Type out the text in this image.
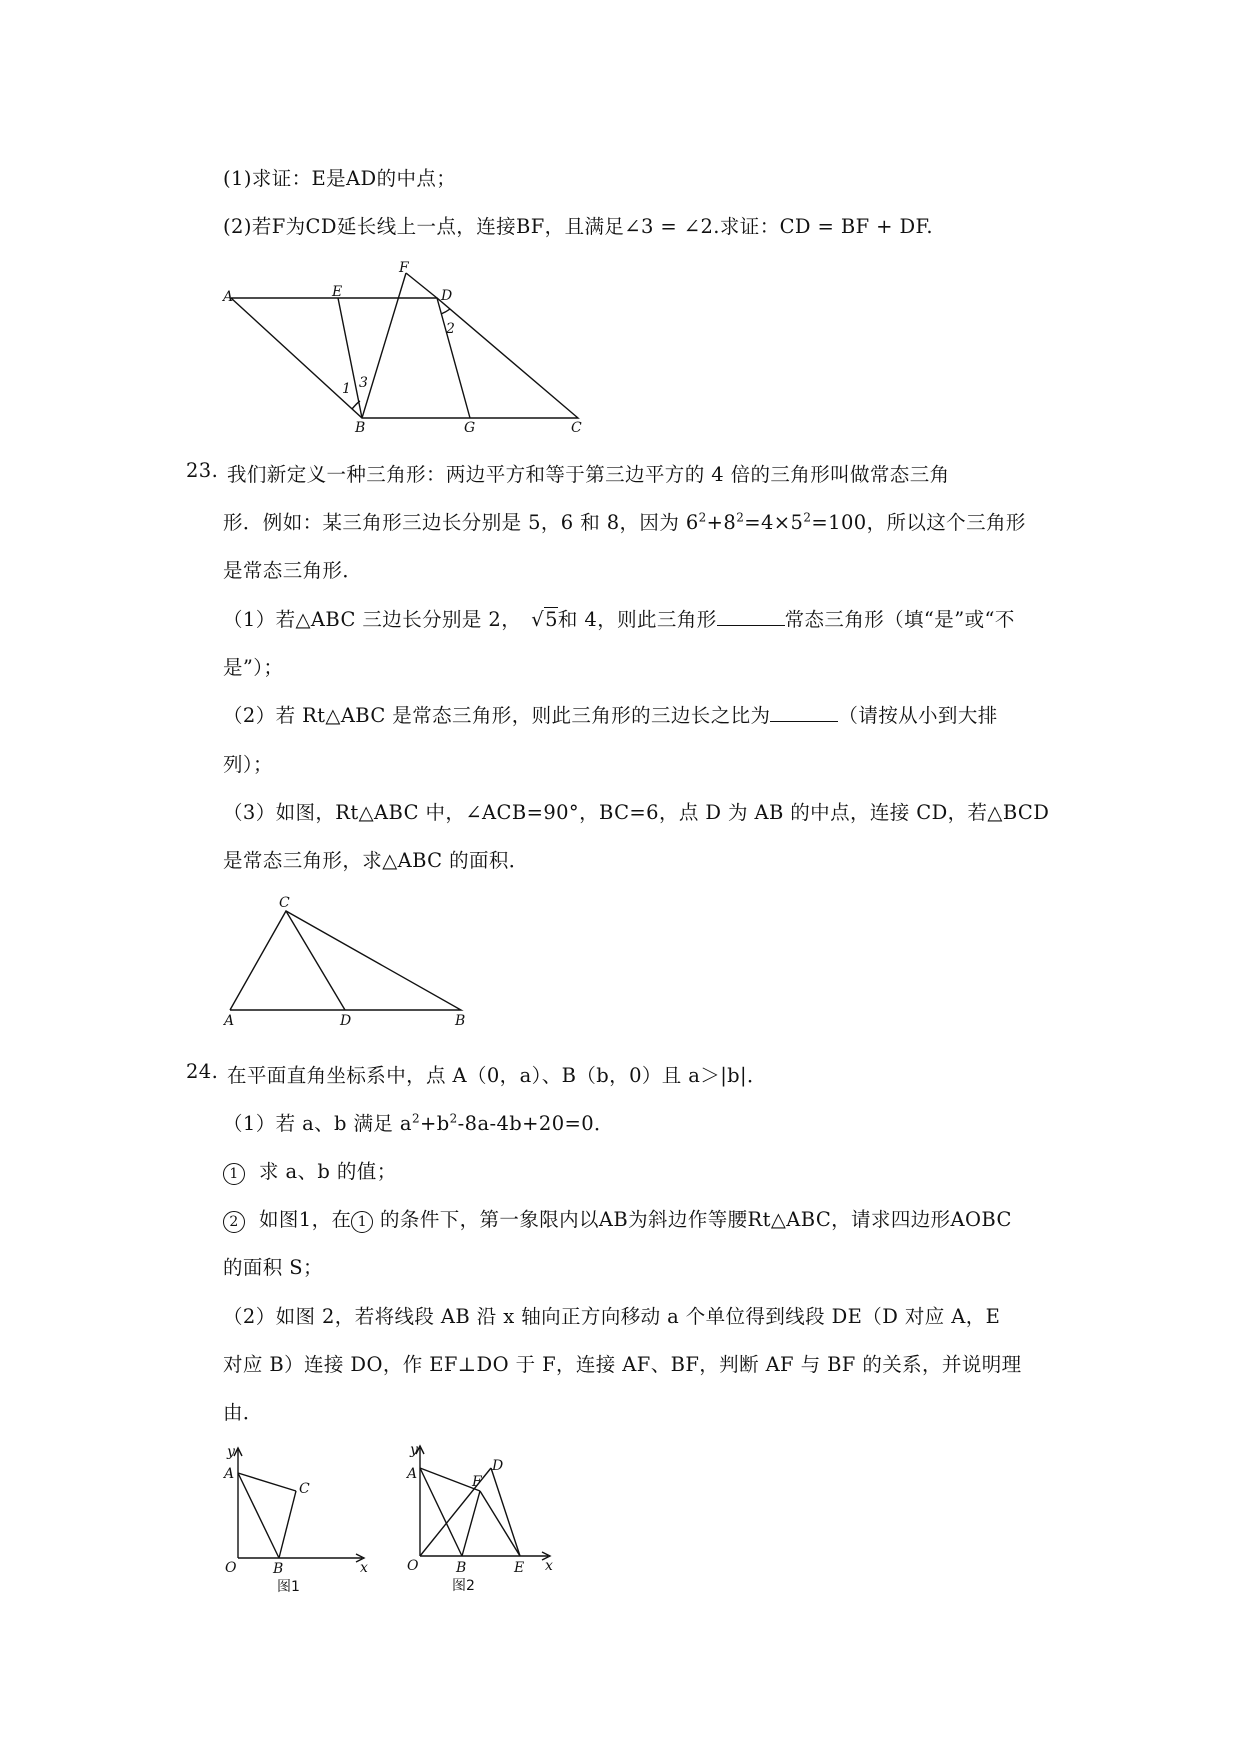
(1)求证：E是AD的中点；
(2)若F为CD延长线上一点，连接BF，且满足∠3 = ∠2.求证：CD = BF + DF.
A	E
F
D
2
3
1
B	G	C
23. 我们新定义一种三角形：两边平方和等于第三边平方的 4 倍的三角形叫做常态三角
形．例如：某三角形三边长分别是 5，6 和 8，因为 $6^2+8^2=4\times 5^2=100$，所以这个三角形
是常态三角形．
（1）若△ABC 三边长分别是 2，　√5和 4，则此三角形	常态三角形（填“是”或“不
是”）；
（2）若 Rt△ABC 是常态三角形，则此三角形的三边长之比为	（请按从小到大排
列）；
（3）如图，Rt△ABC 中，∠ACB=90°，BC=6，点 D 为 AB 的中点，连接 CD，若△BCD
是常态三角形，求△ABC 的面积．
C
A	D	B
24. 在平面直角坐标系中，点 A（0，a）、B（b，0）且 a＞|b|．
（1）若 a、b 满足 $a^2+b^2-8a-4b+20=0$．
1 求 a、b 的值；
2 如图1，在 1 的条件下，第一象限内以AB为斜边作等腰Rt△ABC，请求四边形AOBC
的面积 S；
（2）如图 2，若将线段 AB 沿 x 轴向正方向移动 a 个单位得到线段 DE（D 对应 A，E
对应 B）连接 DO，作 EF⊥DO 于 F，连接 AF、BF，判断 AF 与 BF 的关系，并说明理
由．
y
A
C
O	B	x
图1
y
A	F
D
O	B	E x
图2
